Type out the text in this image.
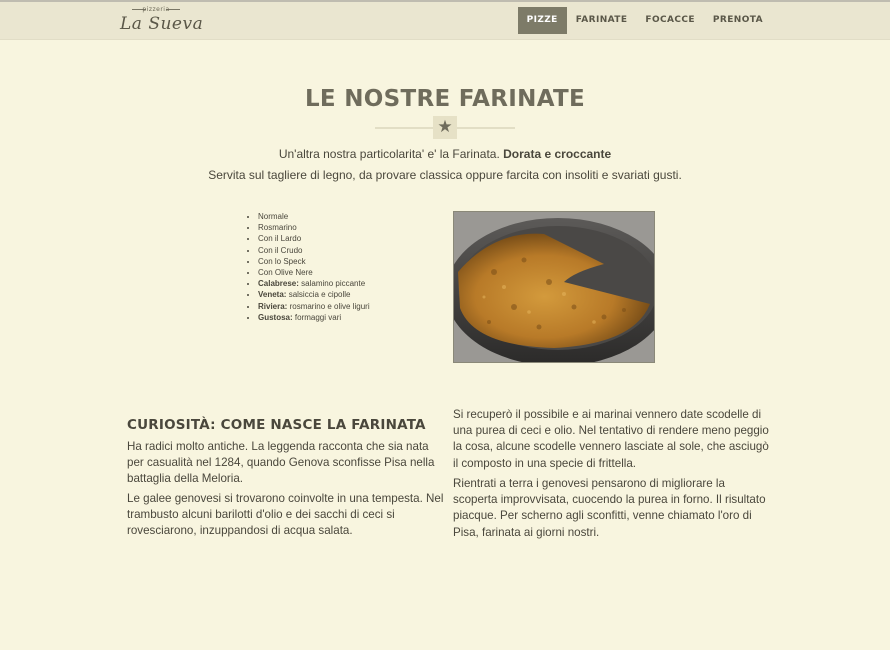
pizzeria
La Sueva	PIZZE	FARINATE	FOCACCE	PRENOTA
LE NOSTRE FARINATE
★
Un'altra nostra particolarita' e' la Farinata. Dorata e croccante
Servita sul tagliere di legno, da provare classica oppure farcita con insoliti e svariati gusti.
• Normale
• Rosmarino
• Con il Lardo
• Con il Crudo
• Con lo Speck
• Con Olive Nere
• Calabrese: salamino piccante
• Veneta: salsiccia e cipolle
• Riviera: rosmarino e olive liguri
• Gustosa: formaggi vari
CURIOSITÀ: COME NASCE LA FARINATA

Ha radici molto antiche. La leggenda racconta che sia nata per casualità nel 1284, quando Genova sconfisse Pisa nella battaglia della Meloria.

Le galee genovesi si trovarono coinvolte in una tempesta. Nel trambusto alcuni barilotti d'olio e dei sacchi di ceci si rovesciarono, inzuppandosi di acqua salata.

Si recuperò il possibile e ai marinai vennero date scodelle di una purea di ceci e olio. Nel tentativo di rendere meno peggio la cosa, alcune scodelle vennero lasciate al sole, che asciugò il composto in una specie di frittella.

Rientrati a terra i genovesi pensarono di migliorare la scoperta improvvisata, cuocendo la purea in forno. Il risultato piacque. Per scherno agli sconfitti, venne chiamato l'oro di Pisa, farinata ai giorni nostri.
